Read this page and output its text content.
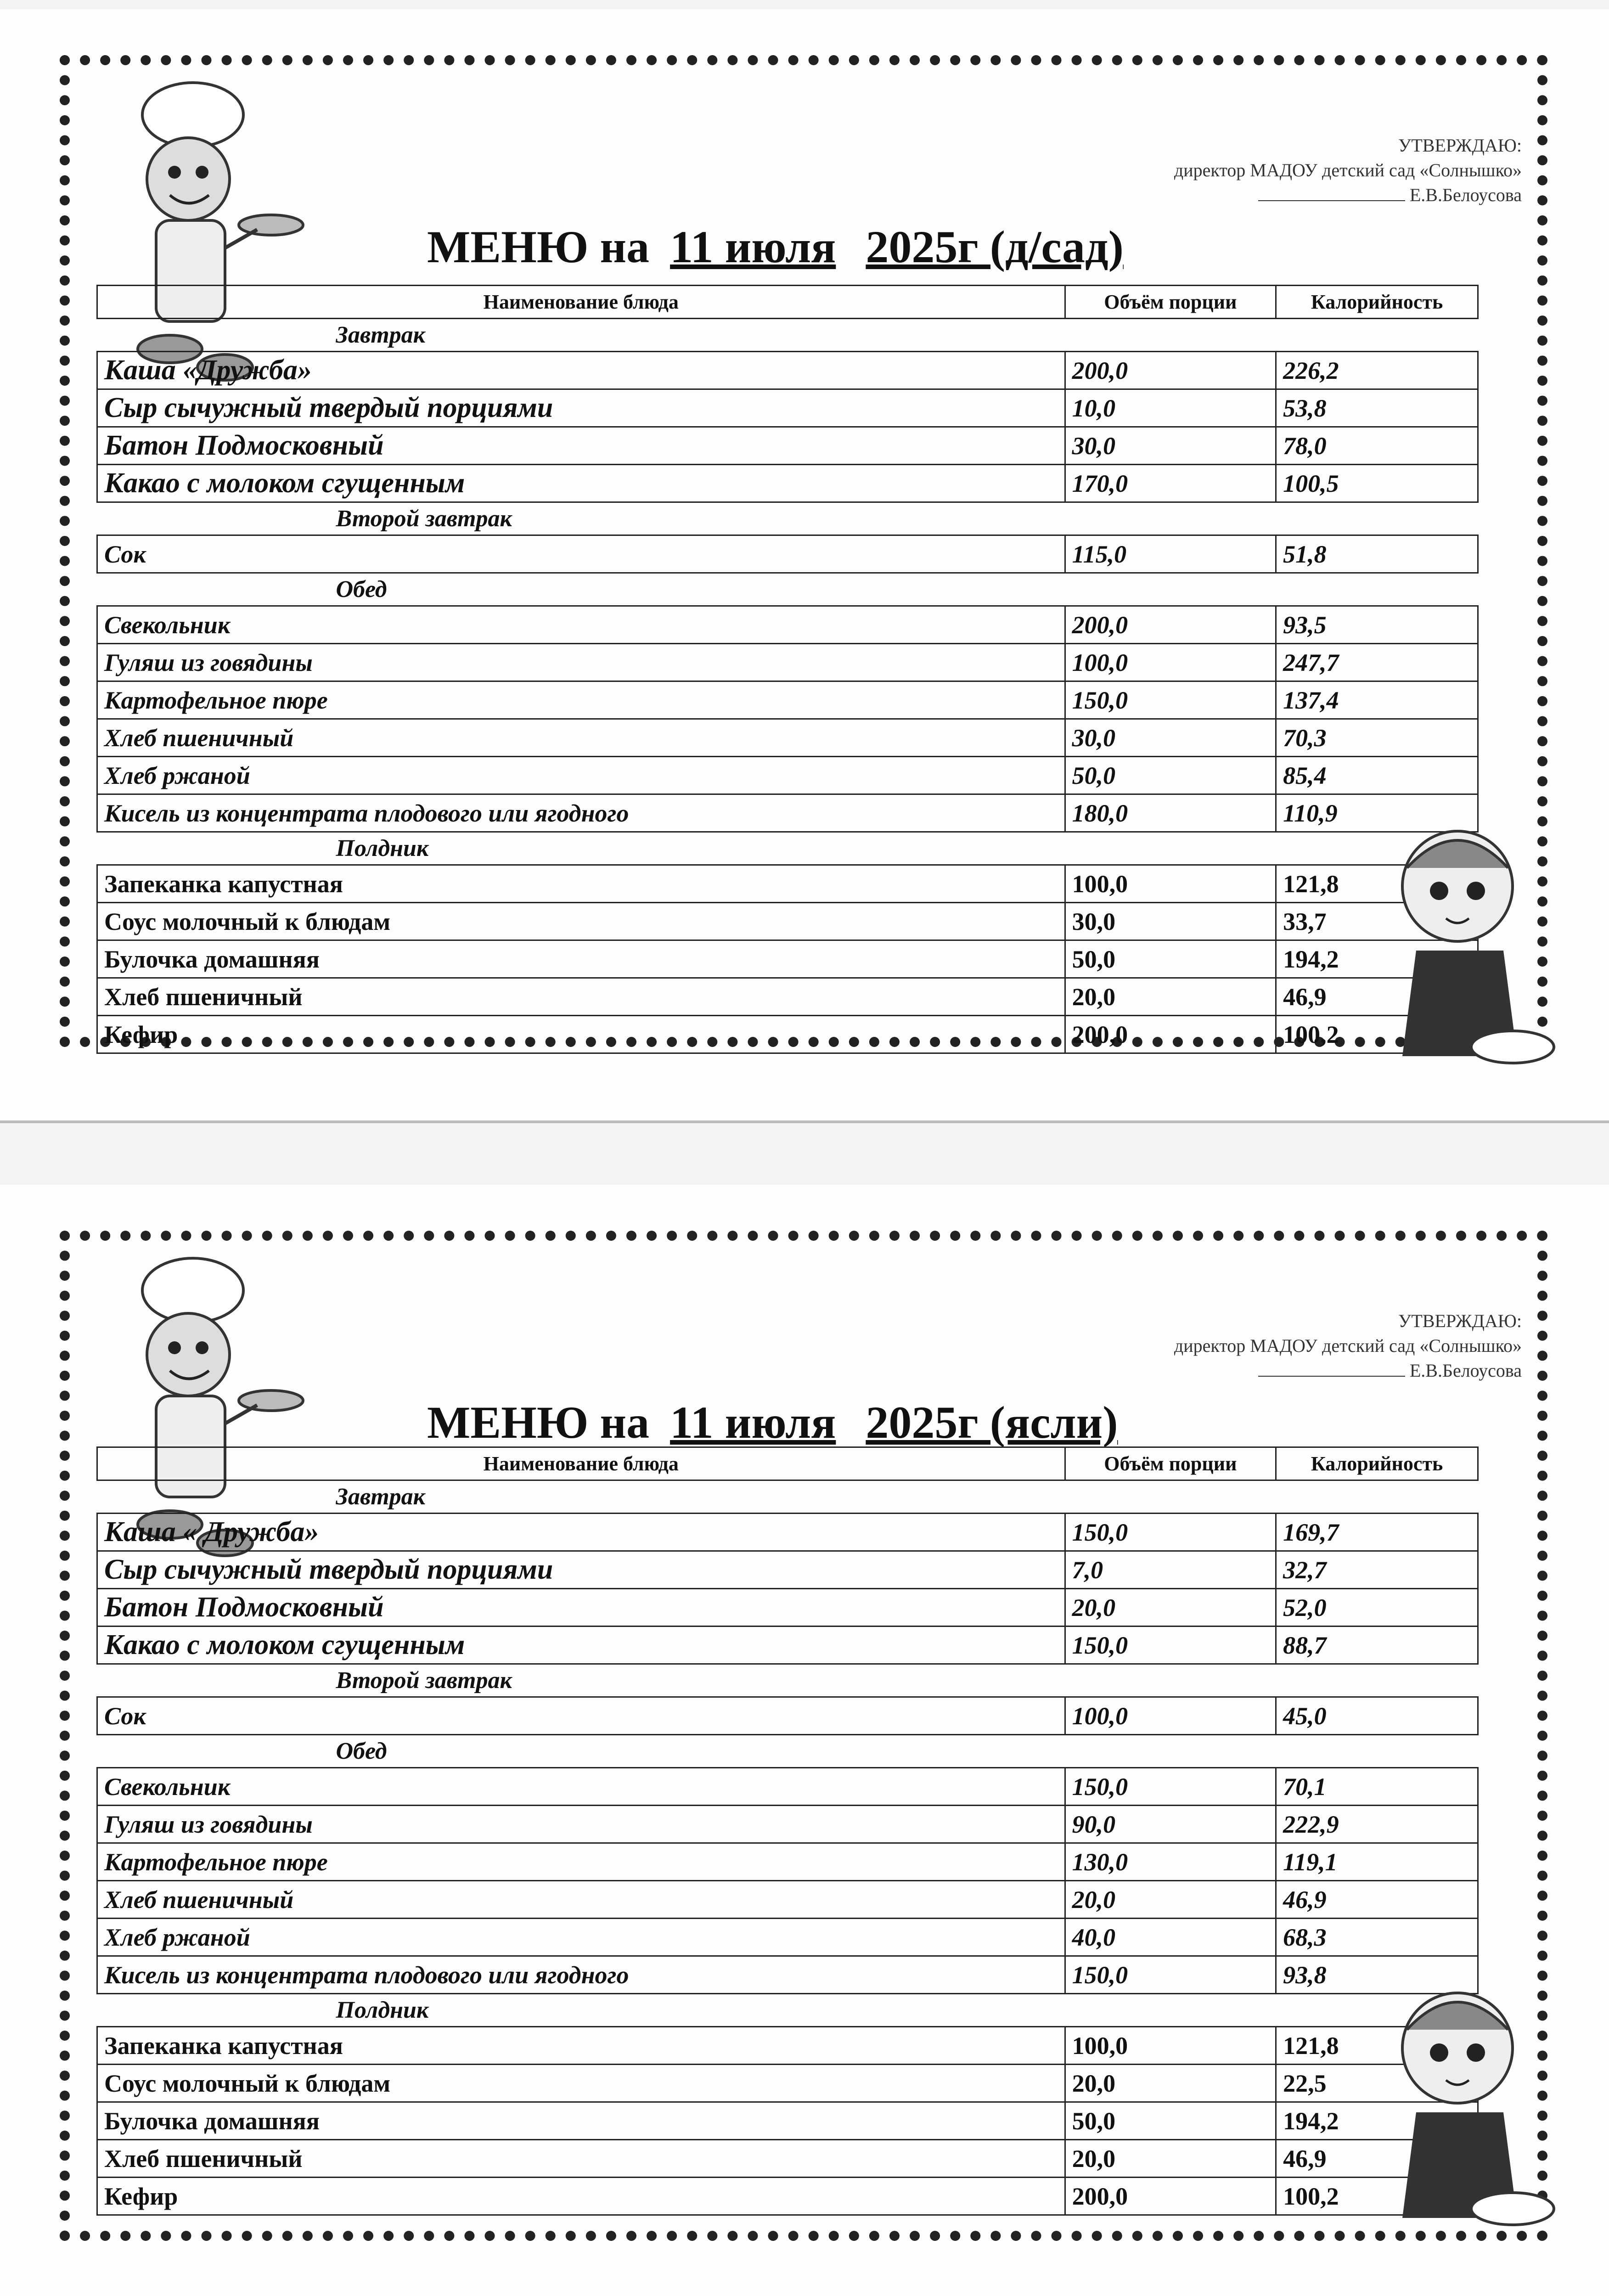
УТВЕРЖДАЮ:
директор МАДОУ детский сад «Солнышко»
Е.В.Белоусова
МЕНЮ на 11 июля 2025г (д/сад)
Наименование блюда	Объём порции	Калорийность
Завтрак		
Каша «Дружба»	200,0	226,2
Сыр сычужный твердый порциями	10,0	53,8
Батон Подмосковный	30,0	78,0
Какао с молоком сгущенным	170,0	100,5
Второй завтрак		
Сок	115,0	51,8
Обед		
Свекольник	200,0	93,5
Гуляш из говядины	100,0	247,7
Картофельное пюре	150,0	137,4
Хлеб пшеничный	30,0	70,3
Хлеб ржаной	50,0	85,4
Кисель из концентрата плодового или ягодного	180,0	110,9
Полдник		
Запеканка капустная	100,0	121,8
Соус молочный к блюдам	30,0	33,7
Булочка домашняя	50,0	194,2
Хлеб пшеничный	20,0	46,9
Кефир	200,0	100,2
УТВЕРЖДАЮ:
директор МАДОУ детский сад «Солнышко»
Е.В.Белоусова
МЕНЮ на 11 июля 2025г (ясли)
Наименование блюда	Объём порции	Калорийность
Завтрак		
Каша « Дружба»	150,0	169,7
Сыр сычужный твердый порциями	7,0	32,7
Батон Подмосковный	20,0	52,0
Какао с молоком сгущенным	150,0	88,7
Второй завтрак		
Сок	100,0	45,0
Обед		
Свекольник	150,0	70,1
Гуляш из говядины	90,0	222,9
Картофельное пюре	130,0	119,1
Хлеб пшеничный	20,0	46,9
Хлеб ржаной	40,0	68,3
Кисель из концентрата плодового или ягодного	150,0	93,8
Полдник		
Запеканка капустная	100,0	121,8
Соус молочный к блюдам	20,0	22,5
Булочка домашняя	50,0	194,2
Хлеб пшеничный	20,0	46,9
Кефир	200,0	100,2
